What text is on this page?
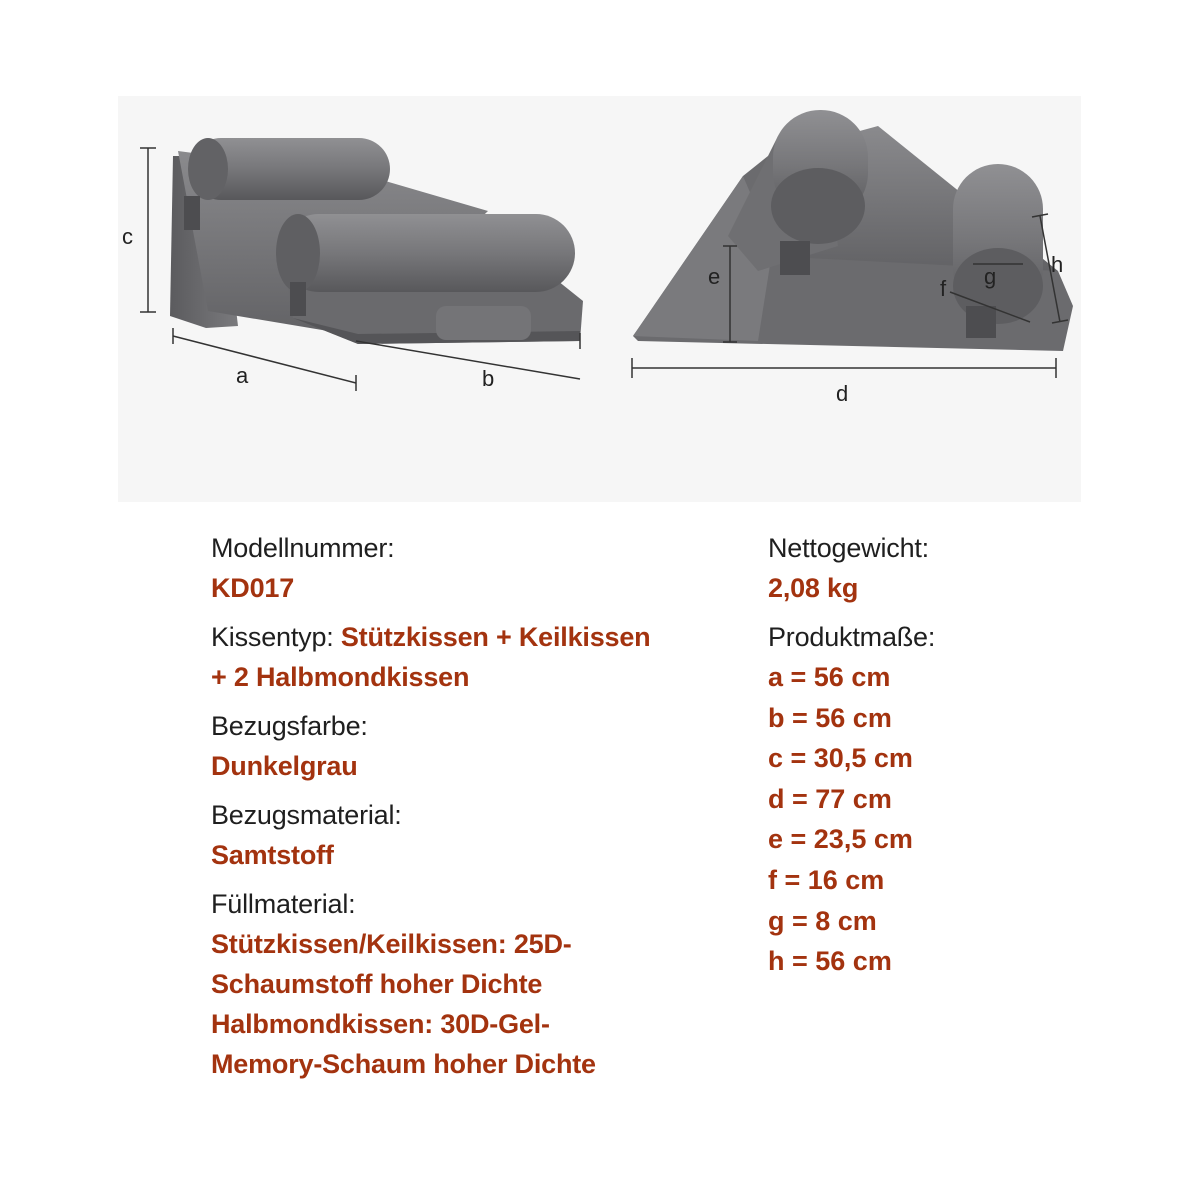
c
a	b
d
e	f g h
Modellnummer:
KD017
Kissentyp: Stützkissen + Keilkissen
+ 2 Halbmondkissen
Bezugsfarbe:
Dunkelgrau
Bezugsmaterial:
Samtstoff
Füllmaterial:
Stützkissen/Keilkissen: 25D-
Schaumstoff hoher Dichte
Halbmondkissen: 30D-Gel-
Memory-Schaum hoher Dichte
Nettogewicht:
2,08 kg
Produktmaße:
a = 56 cm
b = 56 cm
c = 30,5 cm
d = 77 cm
e = 23,5 cm
f = 16 cm
g = 8 cm
h = 56 cm
